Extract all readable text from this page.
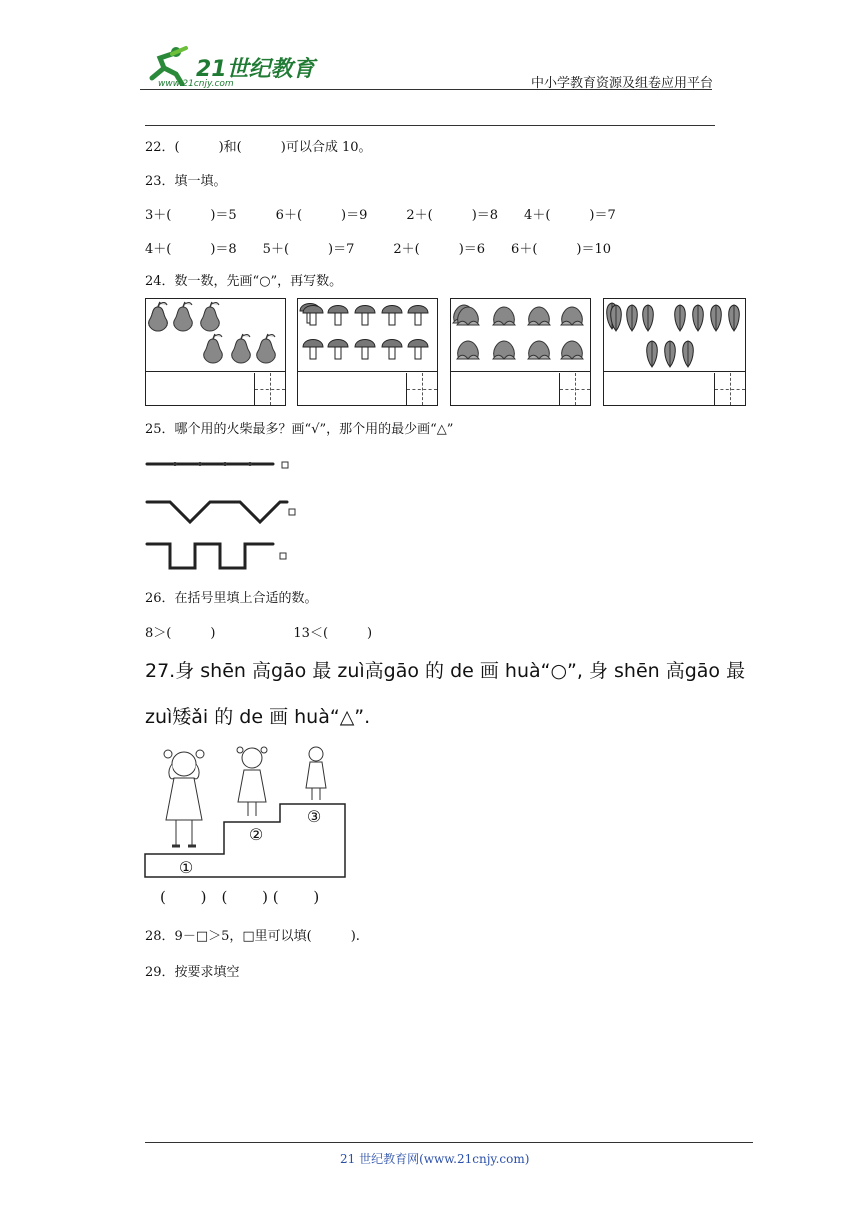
21世纪教育
www.21cnjy.com	中小学教育资源及组卷应用平台
22．(　　　)和(　　　)可以合成 10。
23．填一填。
3＋(　　　)＝5　　　6＋(　　　)＝9　　　2＋(　　　)＝8　　4＋(　　　)＝7
4＋(　　　)＝8　　5＋(　　　)＝7　　　2＋(　　　)＝6　　6＋(　　　)＝10
24．数一数，先画“○”，再写数。
25．哪个用的火柴最多？画“√”，那个用的最少画“△”
26．在括号里填上合适的数。
8＞(　　　)　　　　　　13＜(　　　)
27.身 shēn 高gāo 最 zuì高gāo 的 de 画 huà“○”, 身 shēn 高gāo 最
zuì矮ǎi 的 de 画 huà“△”.
①
②
③
(　　 )　(　　 ) (　　 )
28．9－□＞5，□里可以填(　　　).
29．按要求填空
21 世纪教育网(www.21cnjy.com)
